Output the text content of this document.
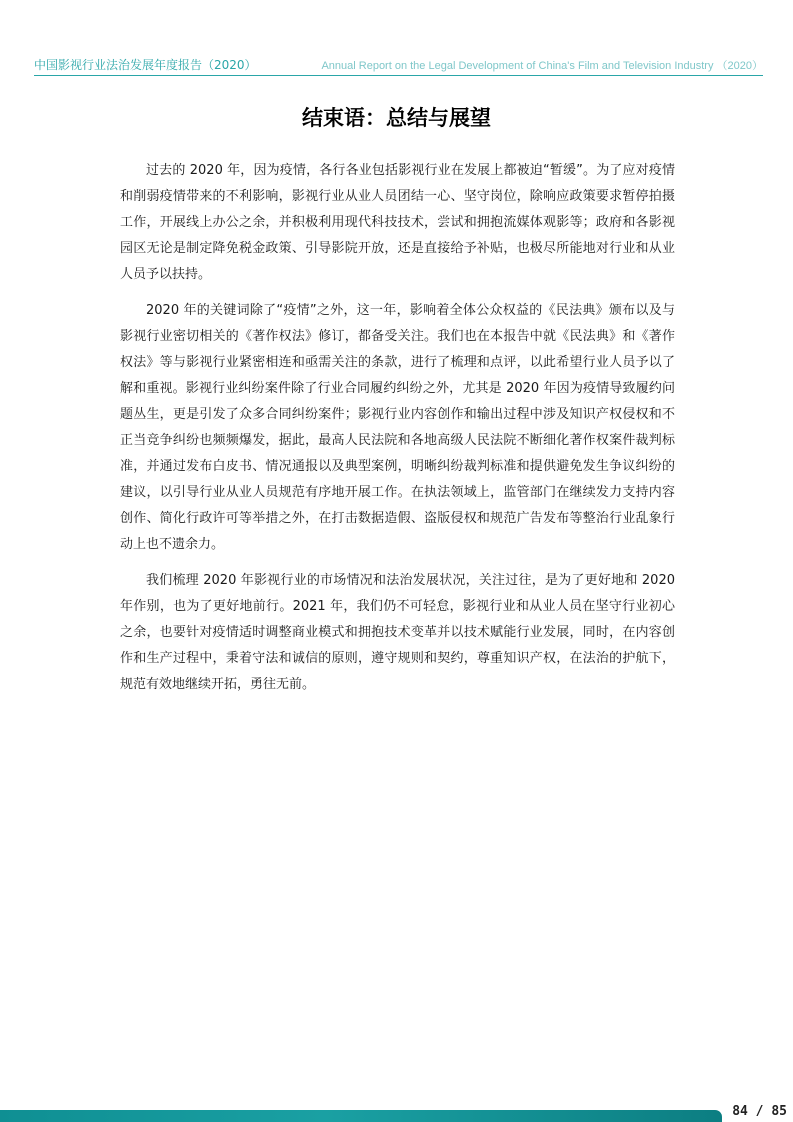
中国影视行业法治发展年度报告（2020）	Annual Report on the Legal Development of China's Film and Television Industry （2020）
结束语：总结与展望

过去的 2020 年，因为疫情，各行各业包括影视行业在发展上都被迫“暂缓”。为了应对疫情和削弱疫情带来的不利影响，影视行业从业人员团结一心、坚守岗位，除响应政策要求暂停拍摄工作，开展线上办公之余，并积极利用现代科技技术，尝试和拥抱流媒体观影等；政府和各影视园区无论是制定降免税金政策、引导影院开放，还是直接给予补贴，也极尽所能地对行业和从业人员予以扶持。

2020 年的关键词除了“疫情”之外，这一年，影响着全体公众权益的《民法典》颁布以及与影视行业密切相关的《著作权法》修订，都备受关注。我们也在本报告中就《民法典》和《著作权法》等与影视行业紧密相连和亟需关注的条款，进行了梳理和点评，以此希望行业人员予以了解和重视。影视行业纠纷案件除了行业合同履约纠纷之外，尤其是 2020 年因为疫情导致履约问题丛生，更是引发了众多合同纠纷案件；影视行业内容创作和输出过程中涉及知识产权侵权和不正当竞争纠纷也频频爆发，据此，最高人民法院和各地高级人民法院不断细化著作权案件裁判标准，并通过发布白皮书、情况通报以及典型案例，明晰纠纷裁判标准和提供避免发生争议纠纷的建议，以引导行业从业人员规范有序地开展工作。在执法领域上，监管部门在继续发力支持内容创作、简化行政许可等举措之外，在打击数据造假、盗版侵权和规范广告发布等整治行业乱象行动上也不遗余力。

我们梳理 2020 年影视行业的市场情况和法治发展状况，关注过往，是为了更好地和 2020 年作别，也为了更好地前行。2021 年，我们仍不可轻怠，影视行业和从业人员在坚守行业初心之余，也要针对疫情适时调整商业模式和拥抱技术变革并以技术赋能行业发展，同时，在内容创作和生产过程中，秉着守法和诚信的原则，遵守规则和契约，尊重知识产权，在法治的护航下，规范有效地继续开拓，勇往无前。

84 / 85
